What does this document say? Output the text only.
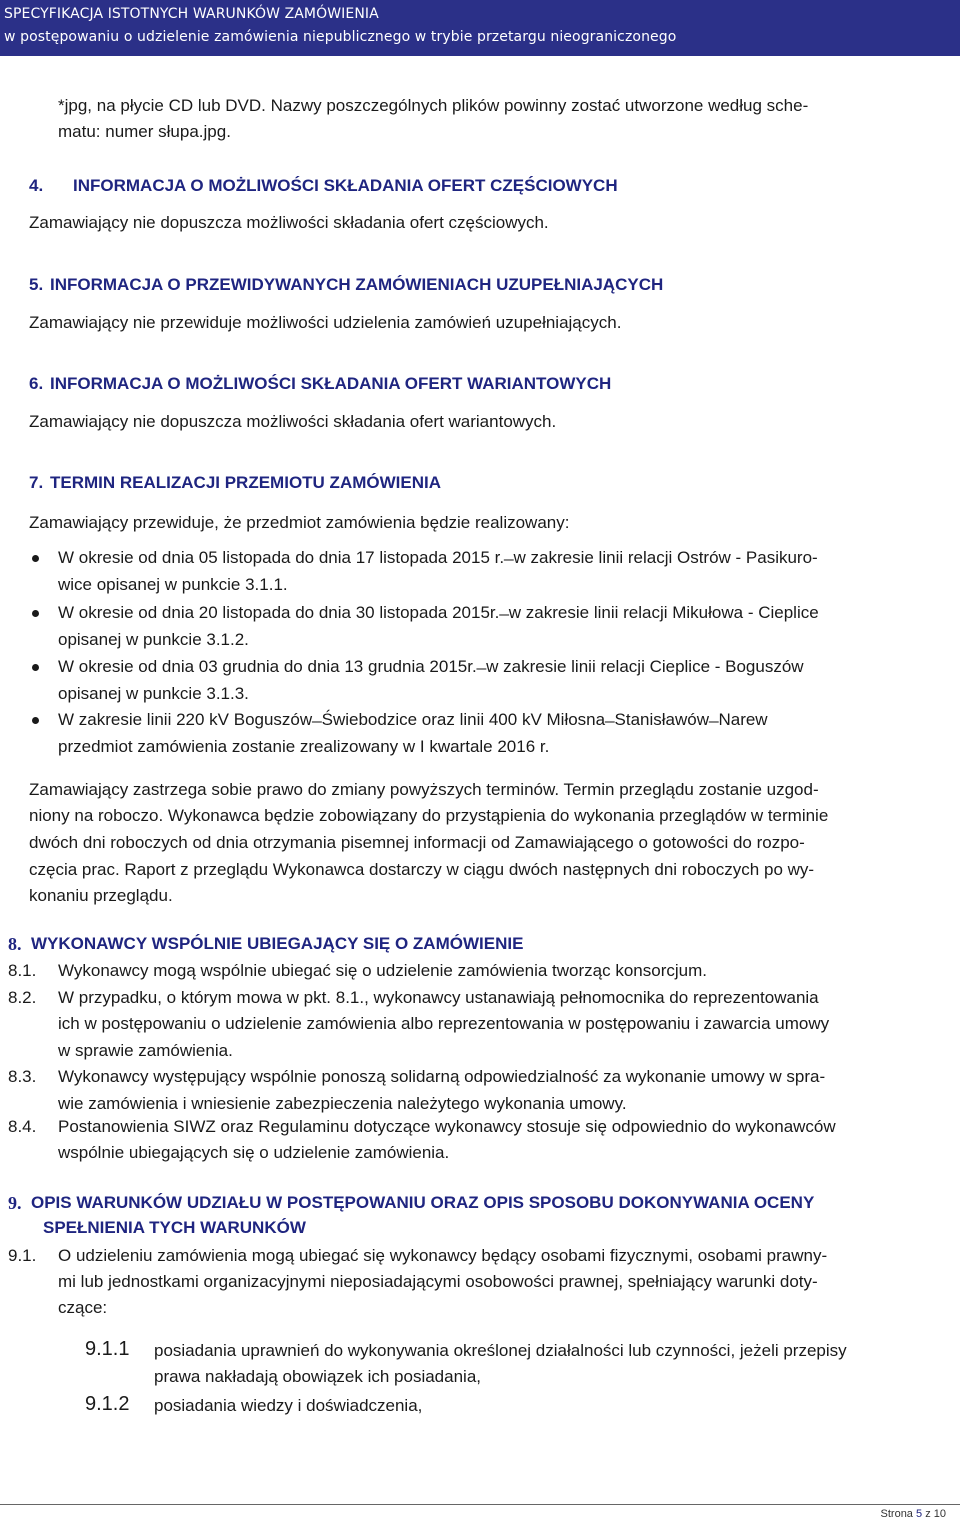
SPECYFIKACJA ISTOTNYCH WARUNKÓW ZAMÓWIENIA
w postępowaniu o udzielenie zamówienia niepublicznego w trybie przetargu nieograniczonego
*jpg, na płycie CD lub DVD. Nazwy poszczególnych plików powinny zostać utworzone według sche-
matu: numer słupa.jpg.
4. INFORMACJA O MOŻLIWOŚCI SKŁADANIA OFERT CZĘŚCIOWYCH
Zamawiający nie dopuszcza możliwości składania ofert częściowych.
5. INFORMACJA O PRZEWIDYWANYCH ZAMÓWIENIACH UZUPEŁNIAJĄCYCH
Zamawiający nie przewiduje możliwości udzielenia zamówień uzupełniających.
6. INFORMACJA O MOŻLIWOŚCI SKŁADANIA OFERT WARIANTOWYCH
Zamawiający nie dopuszcza możliwości składania ofert wariantowych.
7. TERMIN REALIZACJI PRZEMIOTU ZAMÓWIENIA
Zamawiający przewiduje, że przedmiot zamówienia będzie realizowany:
W okresie od dnia 05 listopada do dnia 17 listopada 2015 r. ̶ w zakresie linii relacji Ostrów - Pasikuro-
wice opisanej w punkcie 3.1.1.
W okresie od dnia 20 listopada do dnia 30 listopada 2015r. ̶ w zakresie linii relacji Mikułowa - Cieplice
opisanej w punkcie 3.1.2.
W okresie od dnia 03 grudnia do dnia 13 grudnia 2015r. ̶ w zakresie linii relacji Cieplice - Boguszów
opisanej w punkcie 3.1.3.
W zakresie linii 220 kV Boguszów ̶ Świebodzice oraz linii 400 kV Miłosna ̶ Stanisławów ̶ Narew
przedmiot zamówienia zostanie zrealizowany w I kwartale 2016 r.
Zamawiający zastrzega sobie prawo do zmiany powyższych terminów. Termin przeglądu zostanie uzgod-
niony na roboczo. Wykonawca będzie zobowiązany do przystąpienia do wykonania przeglądów w terminie
dwóch dni roboczych od dnia otrzymania pisemnej informacji od Zamawiającego o gotowości do rozpo-
częcia prac. Raport z przeglądu Wykonawca dostarczy w ciągu dwóch następnych dni roboczych po wy-
konaniu przeglądu.
8. WYKONAWCY WSPÓLNIE UBIEGAJĄCY SIĘ O ZAMÓWIENIE
8.1. Wykonawcy mogą wspólnie ubiegać się o udzielenie zamówienia tworząc konsorcjum.
8.2. W przypadku, o którym mowa w pkt. 8.1., wykonawcy ustanawiają pełnomocnika do reprezentowania
ich w postępowaniu o udzielenie zamówienia albo reprezentowania w postępowaniu i zawarcia umowy
w sprawie zamówienia.
8.3. Wykonawcy występujący wspólnie ponoszą solidarną odpowiedzialność za wykonanie umowy w spra-
wie zamówienia i wniesienie zabezpieczenia należytego wykonania umowy.
8.4. Postanowienia SIWZ oraz Regulaminu dotyczące wykonawcy stosuje się odpowiednio do wykonawców
wspólnie ubiegających się o udzielenie zamówienia.
9. OPIS WARUNKÓW UDZIAŁU W POSTĘPOWANIU ORAZ OPIS SPOSOBU DOKONYWANIA OCENY
SPEŁNIENIA TYCH WARUNKÓW
9.1. O udzieleniu zamówienia mogą ubiegać się wykonawcy będący osobami fizycznymi, osobami prawny-
mi lub jednostkami organizacyjnymi nieposiadającymi osobowości prawnej, spełniający warunki doty-
czące:
9.1.1 posiadania uprawnień do wykonywania określonej działalności lub czynności, jeżeli przepisy
prawa nakładają obowiązek ich posiadania,
9.1.2 posiadania wiedzy i doświadczenia,
Strona 5 z 10
